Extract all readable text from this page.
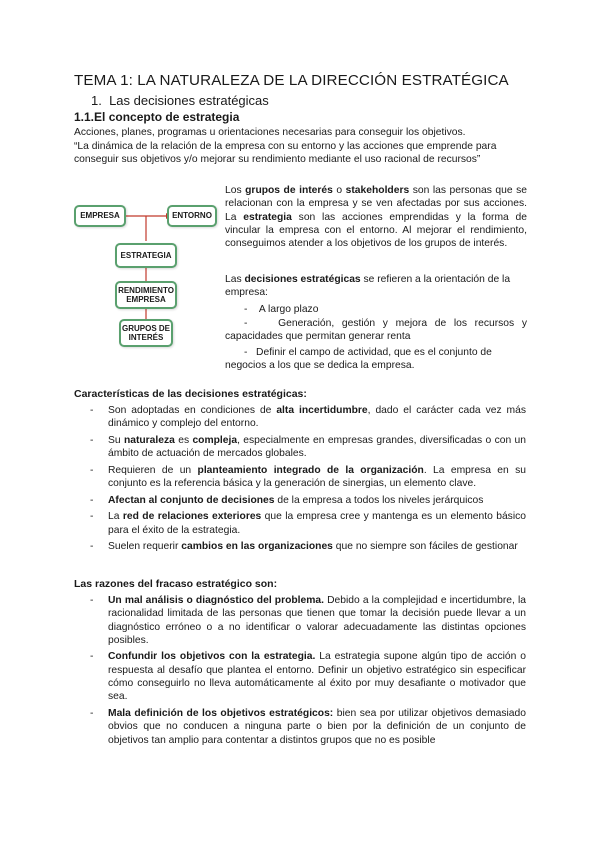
TEMA 1: LA NATURALEZA DE LA DIRECCIÓN ESTRATÉGICA
1. Las decisiones estratégicas
1.1.El concepto de estrategia
Acciones, planes, programas u orientaciones necesarias para conseguir los objetivos.
“La dinámica de la relación de la empresa con su entorno y las acciones que emprende para conseguir sus objetivos y/o mejorar su rendimiento mediante el uso racional de recursos”
EMPRESA	ENTORNO
ESTRATEGIA
RENDIMIENTO EMPRESA
GRUPOS DE INTERÉS
Los grupos de interés o stakeholders son las personas que se relacionan con la empresa y se ven afectadas por sus acciones. La estrategia son las acciones emprendidas y la forma de vincular la empresa con el entorno. Al mejorar el rendimiento, conseguimos atender a los objetivos de los grupos de interés.
Las decisiones estratégicas se refieren a la orientación de la empresa:
- A largo plazo
-	Generación, gestión y mejora de los recursos y capacidades que permitan generar renta
- Definir el campo de actividad, que es el conjunto de negocios a los que se dedica la empresa.
Características de las decisiones estratégicas:
- Son adoptadas en condiciones de alta incertidumbre, dado el carácter cada vez más dinámico y complejo del entorno.
- Su naturaleza es compleja, especialmente en empresas grandes, diversificadas o con un ámbito de actuación de mercados globales.
- Requieren de un planteamiento integrado de la organización. La empresa en su conjunto es la referencia básica y la generación de sinergias, un elemento clave.
- Afectan al conjunto de decisiones de la empresa a todos los niveles jerárquicos
- La red de relaciones exteriores que la empresa cree y mantenga es un elemento básico para el éxito de la estrategia.
- Suelen requerir cambios en las organizaciones que no siempre son fáciles de gestionar
Las razones del fracaso estratégico son:
- Un mal análisis o diagnóstico del problema. Debido a la complejidad e incertidumbre, la racionalidad limitada de las personas que tienen que tomar la decisión puede llevar a un diagnóstico erróneo o a no identificar o valorar adecuadamente las distintas opciones posibles.
- Confundir los objetivos con la estrategia. La estrategia supone algún tipo de acción o respuesta al desafío que plantea el entorno. Definir un objetivo estratégico sin especificar cómo conseguirlo no lleva automáticamente al éxito por muy desafiante o motivador que sea.
- Mala definición de los objetivos estratégicos: bien sea por utilizar objetivos demasiado obvios que no conducen a ninguna parte o bien por la definición de un conjunto de objetivos tan amplio para contentar a distintos grupos que no es posible
